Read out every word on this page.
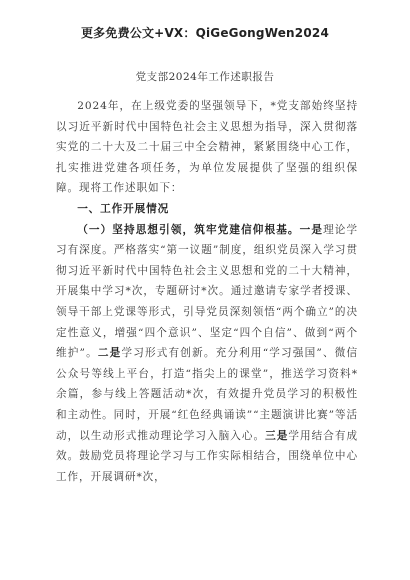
更多免费公文+VX：QiGeGongWen2024
党支部2024年工作述职报告

2024年，在上级党委的坚强领导下，*党支部始终坚持以习近平新时代中国特色社会主义思想为指导，深入贯彻落实党的二十大及二十届三中全会精神，紧紧围绕中心工作，扎实推进党建各项任务，为单位发展提供了坚强的组织保障。现将工作述职如下：

一、工作开展情况

（一）坚持思想引领，筑牢党建信仰根基。一是理论学习有深度。严格落实“第一议题”制度，组织党员深入学习贯彻习近平新时代中国特色社会主义思想和党的二十大精神，开展集中学习*次，专题研讨*次。通过邀请专家学者授课、领导干部上党课等形式，引导党员深刻领悟“两个确立”的决定性意义，增强“四个意识”、坚定“四个自信”、做到“两个维护”。二是学习形式有创新。充分利用“学习强国”、微信公众号等线上平台，打造“指尖上的课堂”，推送学习资料*余篇，参与线上答题活动*次，有效提升党员学习的积极性和主动性。同时，开展“红色经典诵读”“主题演讲比赛”等活动，以生动形式推动理论学习入脑入心。三是学用结合有成效。鼓励党员将理论学习与工作实际相结合，围绕单位中心工作，开展调研*次，
